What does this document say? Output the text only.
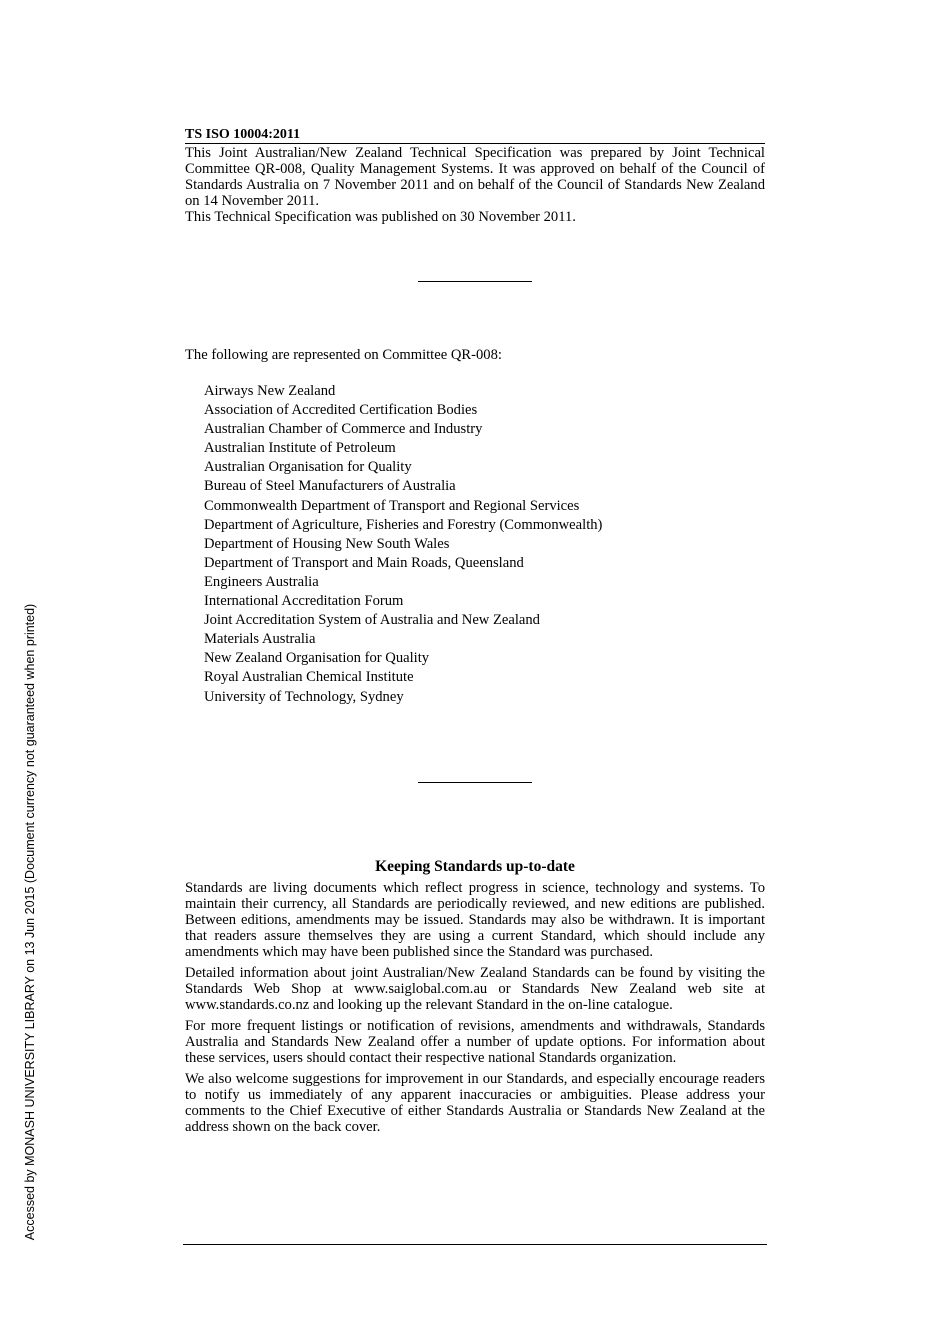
Accessed by MONASH UNIVERSITY LIBRARY on 13 Jun 2015 (Document currency not guaranteed when printed)
TS ISO 10004:2011

This Joint Australian/New Zealand Technical Specification was prepared by Joint Technical Committee QR-008, Quality Management Systems. It was approved on behalf of the Council of Standards Australia on 7 November 2011 and on behalf of the Council of Standards New Zealand on 14 November 2011.

This Technical Specification was published on 30 November 2011.

The following are represented on Committee QR-008:
Airways New Zealand
Association of Accredited Certification Bodies
Australian Chamber of Commerce and Industry
Australian Institute of Petroleum
Australian Organisation for Quality
Bureau of Steel Manufacturers of Australia
Commonwealth Department of Transport and Regional Services
Department of Agriculture, Fisheries and Forestry (Commonwealth)
Department of Housing New South Wales
Department of Transport and Main Roads, Queensland
Engineers Australia
International Accreditation Forum
Joint Accreditation System of Australia and New Zealand
Materials Australia
New Zealand Organisation for Quality
Royal Australian Chemical Institute
University of Technology, Sydney
Keeping Standards up-to-date

Standards are living documents which reflect progress in science, technology and systems. To maintain their currency, all Standards are periodically reviewed, and new editions are published. Between editions, amendments may be issued. Standards may also be withdrawn. It is important that readers assure themselves they are using a current Standard, which should include any amendments which may have been published since the Standard was purchased.

Detailed information about joint Australian/New Zealand Standards can be found by visiting the Standards Web Shop at www.saiglobal.com.au or Standards New Zealand web site at www.standards.co.nz and looking up the relevant Standard in the on-line catalogue.

For more frequent listings or notification of revisions, amendments and withdrawals, Standards Australia and Standards New Zealand offer a number of update options. For information about these services, users should contact their respective national Standards organization.

We also welcome suggestions for improvement in our Standards, and especially encourage readers to notify us immediately of any apparent inaccuracies or ambiguities. Please address your comments to the Chief Executive of either Standards Australia or Standards New Zealand at the address shown on the back cover.
